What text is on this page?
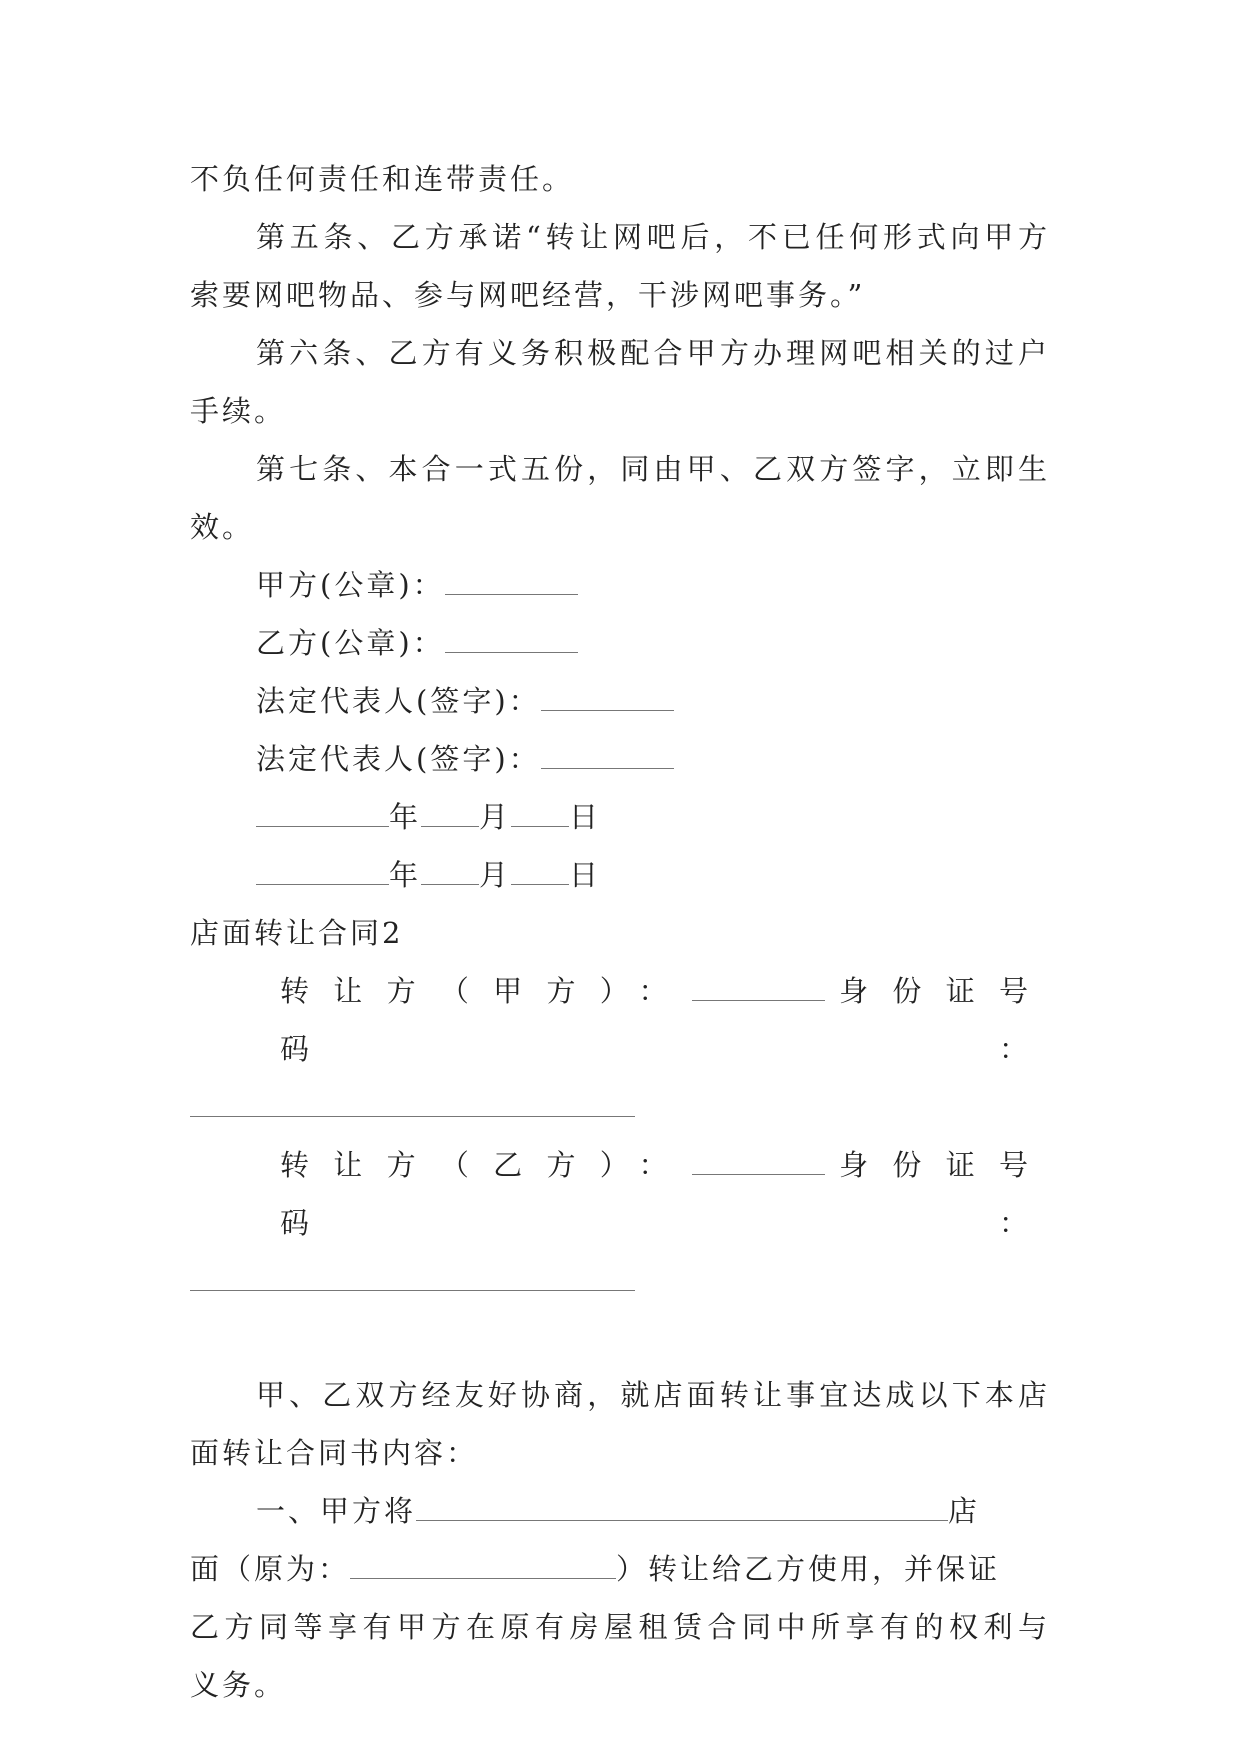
不负任何责任和连带责任。

第五条、乙方承诺“转让网吧后，不已任何形式向甲方

索要网吧物品、参与网吧经营，干涉网吧事务。”

第六条、乙方有义务积极配合甲方办理网吧相关的过户

手续。

第七条、本合一式五份，同由甲、乙双方签字，立即生

效。

甲方(公章)：

乙方(公章)：

法定代表人(签字)：

法定代表人(签字)：

年 月 日

年 月 日

店面转让合同2

转让方（甲方）：	身份证号码：

转让方（乙方）：	身份证号码：

甲、乙双方经友好协商，就店面转让事宜达成以下本店

面转让合同书内容：

一、甲方将	店

面（原为：	）转让给乙方使用，并保证

乙方同等享有甲方在原有房屋租赁合同中所享有的权利与

义务。
